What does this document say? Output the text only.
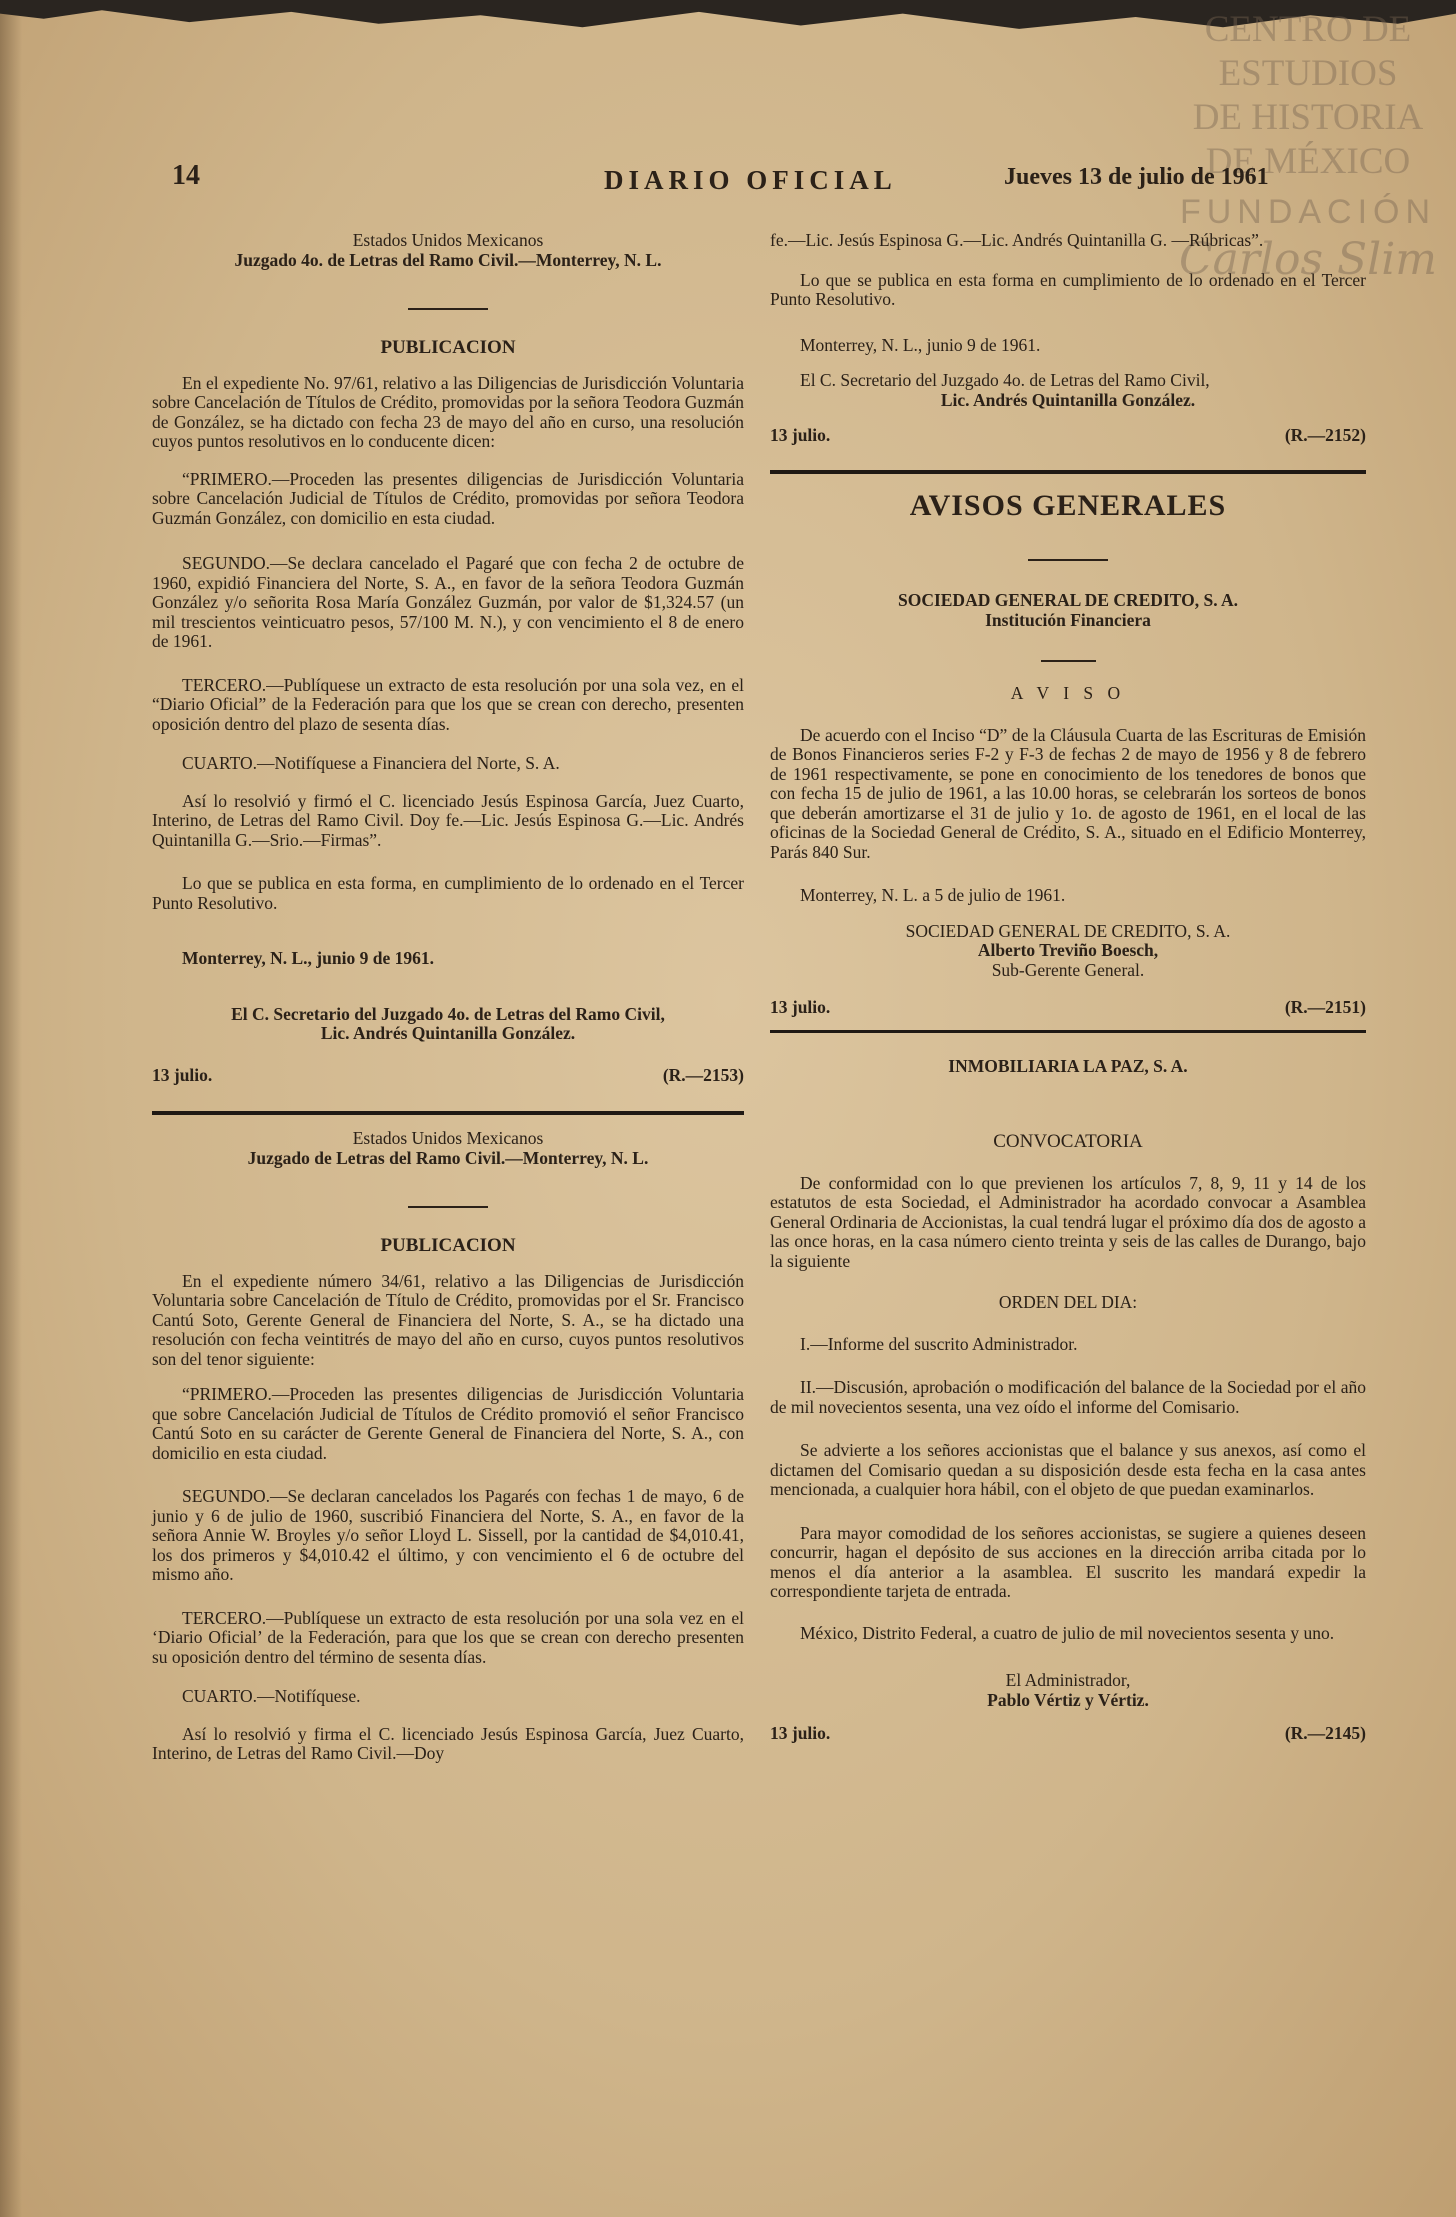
CENTRO DE
ESTUDIOS
DE HISTORIA
DE MÉXICO
FUNDACIÓN
Carlos Slim
14	DIARIO OFICIAL	Jueves 13 de julio de 1961
Estados Unidos Mexicanos
Juzgado 4o. de Letras del Ramo Civil.—Monterrey, N. L.
PUBLICACION

En el expediente No. 97/61, relativo a las Diligencias de Jurisdicción Voluntaria sobre Cancelación de Títulos de Crédito, promovidas por la señora Teodora Guzmán de González, se ha dictado con fecha 23 de mayo del año en curso, una resolución cuyos puntos resolutivos en lo conducente dicen:

“PRIMERO.—Proceden las presentes diligencias de Jurisdicción Voluntaria sobre Cancelación Judicial de Títulos de Crédito, promovidas por señora Teodora Guzmán González, con domicilio en esta ciudad.

SEGUNDO.—Se declara cancelado el Pagaré que con fecha 2 de octubre de 1960, expidió Financiera del Norte, S. A., en favor de la señora Teodora Guzmán González y/o señorita Rosa María González Guzmán, por valor de $1,324.57 (un mil trescientos veinticuatro pesos, 57/100 M. N.), y con vencimiento el 8 de enero de 1961.

TERCERO.—Publíquese un extracto de esta resolución por una sola vez, en el “Diario Oficial” de la Federación para que los que se crean con derecho, presenten oposición dentro del plazo de sesenta días.

CUARTO.—Notifíquese a Financiera del Norte, S. A.

Así lo resolvió y firmó el C. licenciado Jesús Espinosa García, Juez Cuarto, Interino, de Letras del Ramo Civil. Doy fe.—Lic. Jesús Espinosa G.—Lic. Andrés Quintanilla G.—Srio.—Firmas”.

Lo que se publica en esta forma, en cumplimiento de lo ordenado en el Tercer Punto Resolutivo.

Monterrey, N. L., junio 9 de 1961.

El C. Secretario del Juzgado 4o. de Letras del Ramo Civil,
Lic. Andrés Quintanilla González.
13 julio.	(R.—2153)
Estados Unidos Mexicanos
Juzgado de Letras del Ramo Civil.—Monterrey, N. L.
PUBLICACION

En el expediente número 34/61, relativo a las Diligencias de Jurisdicción Voluntaria sobre Cancelación de Título de Crédito, promovidas por el Sr. Francisco Cantú Soto, Gerente General de Financiera del Norte, S. A., se ha dictado una resolución con fecha veintitrés de mayo del año en curso, cuyos puntos resolutivos son del tenor siguiente:

“PRIMERO.—Proceden las presentes diligencias de Jurisdicción Voluntaria que sobre Cancelación Judicial de Títulos de Crédito promovió el señor Francisco Cantú Soto en su carácter de Gerente General de Financiera del Norte, S. A., con domicilio en esta ciudad.

SEGUNDO.—Se declaran cancelados los Pagarés con fechas 1 de mayo, 6 de junio y 6 de julio de 1960, suscribió Financiera del Norte, S. A., en favor de la señora Annie W. Broyles y/o señor Lloyd L. Sissell, por la cantidad de $4,010.41, los dos primeros y $4,010.42 el último, y con vencimiento el 6 de octubre del mismo año.

TERCERO.—Publíquese un extracto de esta resolución por una sola vez en el ‘Diario Oficial’ de la Federación, para que los que se crean con derecho presenten su oposición dentro del término de sesenta días.

CUARTO.—Notifíquese.

Así lo resolvió y firma el C. licenciado Jesús Espinosa García, Juez Cuarto, Interino, de Letras del Ramo Civil.—Doy

fe.—Lic. Jesús Espinosa G.—Lic. Andrés Quintanilla G. —Rúbricas”.

Lo que se publica en esta forma en cumplimiento de lo ordenado en el Tercer Punto Resolutivo.

Monterrey, N. L., junio 9 de 1961.

El C. Secretario del Juzgado 4o. de Letras del Ramo Civil,

Lic. Andrés Quintanilla González.
13 julio.	(R.—2152)
AVISOS GENERALES
SOCIEDAD GENERAL DE CREDITO, S. A.
Institución Financiera
A V I S O

De acuerdo con el Inciso “D” de la Cláusula Cuarta de las Escrituras de Emisión de Bonos Financieros series F-2 y F-3 de fechas 2 de mayo de 1956 y 8 de febrero de 1961 respectivamente, se pone en conocimiento de los tenedores de bonos que con fecha 15 de julio de 1961, a las 10.00 horas, se celebrarán los sorteos de bonos que deberán amortizarse el 31 de julio y 1o. de agosto de 1961, en el local de las oficinas de la Sociedad General de Crédito, S. A., situado en el Edificio Monterrey, Parás 840 Sur.

Monterrey, N. L. a 5 de julio de 1961.

SOCIEDAD GENERAL DE CREDITO, S. A.
Alberto Treviño Boesch,
Sub-Gerente General.
13 julio.	(R.—2151)
INMOBILIARIA LA PAZ, S. A.
CONVOCATORIA

De conformidad con lo que previenen los artículos 7, 8, 9, 11 y 14 de los estatutos de esta Sociedad, el Administrador ha acordado convocar a Asamblea General Ordinaria de Accionistas, la cual tendrá lugar el próximo día dos de agosto a las once horas, en la casa número ciento treinta y seis de las calles de Durango, bajo la siguiente

ORDEN DEL DIA:

I.—Informe del suscrito Administrador.

II.—Discusión, aprobación o modificación del balance de la Sociedad por el año de mil novecientos sesenta, una vez oído el informe del Comisario.

Se advierte a los señores accionistas que el balance y sus anexos, así como el dictamen del Comisario quedan a su disposición desde esta fecha en la casa antes mencionada, a cualquier hora hábil, con el objeto de que puedan examinarlos.

Para mayor comodidad de los señores accionistas, se sugiere a quienes deseen concurrir, hagan el depósito de sus acciones en la dirección arriba citada por lo menos el día anterior a la asamblea. El suscrito les mandará expedir la correspondiente tarjeta de entrada.

México, Distrito Federal, a cuatro de julio de mil novecientos sesenta y uno.

El Administrador,
Pablo Vértiz y Vértiz.
13 julio.	(R.—2145)
